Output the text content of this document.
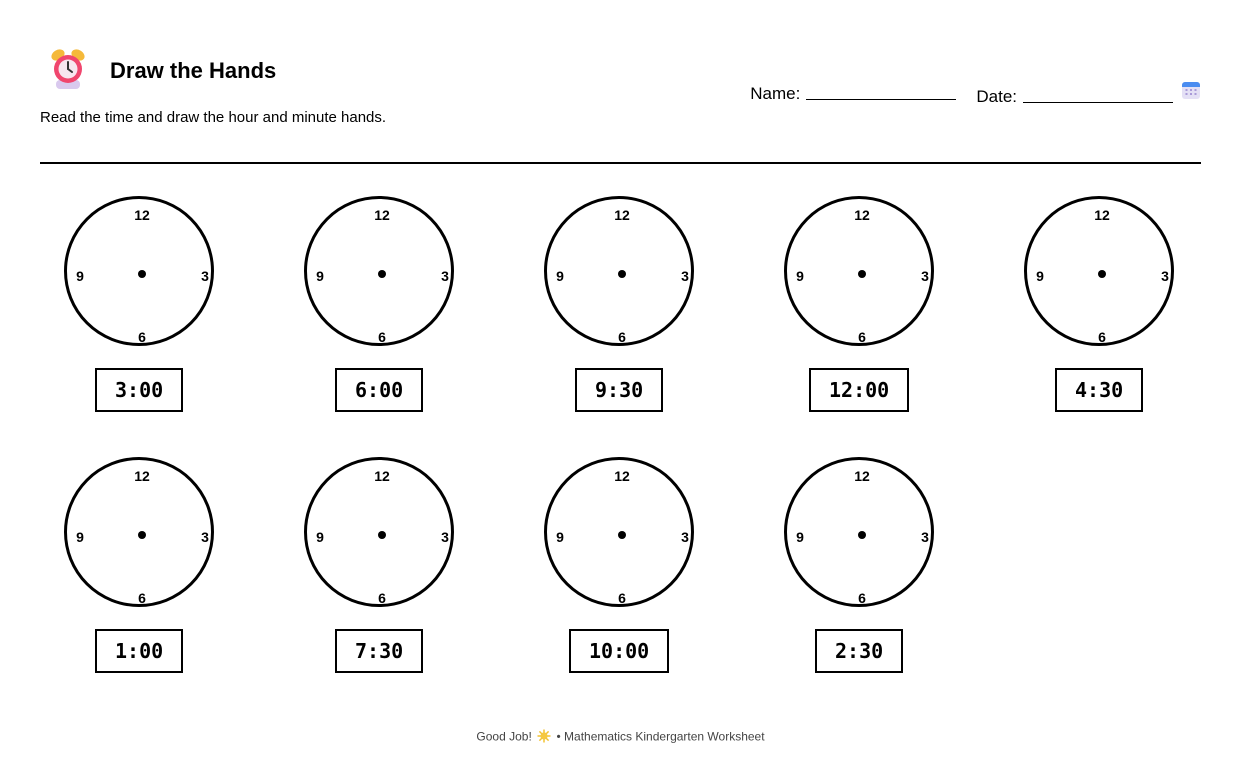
Draw the Hands
Read the time and draw the hour and minute hands.
Name:	Date:
12
3
6
9
3:00
12
3
6
9
6:00
12
3
6
9
9:30
12
3
6
9
12:00
12
3
6
9
4:30
12
3
6
9
1:00
12
3
6
9
7:30
12
3
6
9
10:00
12
3
6
9
2:30
Good Job! • Mathematics Kindergarten Worksheet
